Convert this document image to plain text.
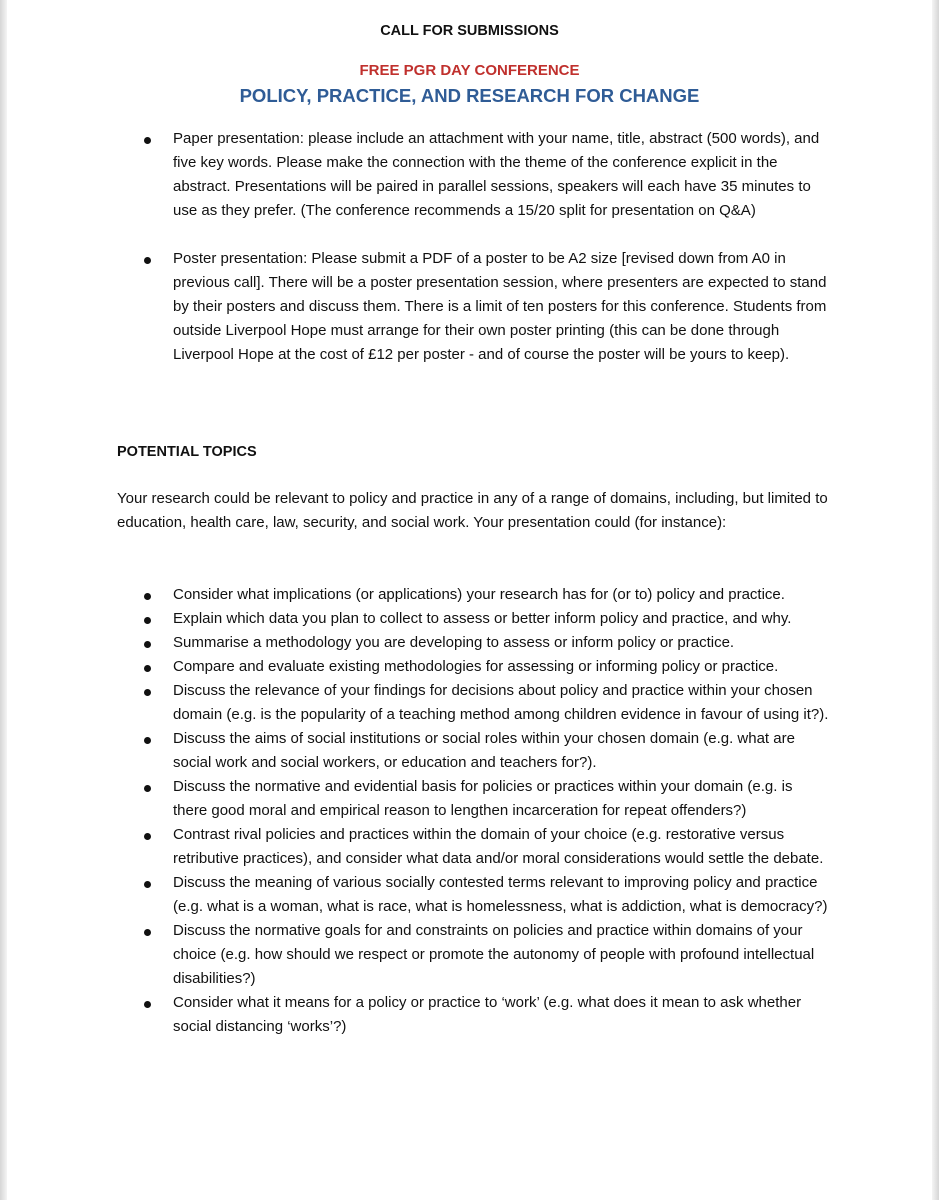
CALL FOR SUBMISSIONS
FREE PGR DAY CONFERENCE
POLICY, PRACTICE, AND RESEARCH FOR CHANGE
Paper presentation: please include an attachment with your name, title, abstract (500 words), and five key words. Please make the connection with the theme of the conference explicit in the abstract. Presentations will be paired in parallel sessions, speakers will each have 35 minutes to use as they prefer. (The conference recommends a 15/20 split for presentation on Q&A)
Poster presentation: Please submit a PDF of a poster to be A2 size [revised down from A0 in previous call]. There will be a poster presentation session, where presenters are expected to stand by their posters and discuss them. There is a limit of ten posters for this conference. Students from outside Liverpool Hope must arrange for their own poster printing (this can be done through Liverpool Hope at the cost of £12 per poster - and of course the poster will be yours to keep).
POTENTIAL TOPICS
Your research could be relevant to policy and practice in any of a range of domains, including, but limited to education, health care, law, security, and social work. Your presentation could (for instance):
Consider what implications (or applications) your research has for (or to) policy and practice.
Explain which data you plan to collect to assess or better inform policy and practice, and why.
Summarise a methodology you are developing to assess or inform policy or practice.
Compare and evaluate existing methodologies for assessing or informing policy or practice.
Discuss the relevance of your findings for decisions about policy and practice within your chosen domain (e.g. is the popularity of a teaching method among children evidence in favour of using it?).
Discuss the aims of social institutions or social roles within your chosen domain (e.g. what are social work and social workers, or education and teachers for?).
Discuss the normative and evidential basis for policies or practices within your domain (e.g. is there good moral and empirical reason to lengthen incarceration for repeat offenders?)
Contrast rival policies and practices within the domain of your choice (e.g. restorative versus retributive practices), and consider what data and/or moral considerations would settle the debate.
Discuss the meaning of various socially contested terms relevant to improving policy and practice (e.g. what is a woman, what is race, what is homelessness, what is addiction, what is democracy?)
Discuss the normative goals for and constraints on policies and practice within domains of your choice (e.g. how should we respect or promote the autonomy of people with profound intellectual disabilities?)
Consider what it means for a policy or practice to ‘work’ (e.g. what does it mean to ask whether social distancing ‘works’?)
